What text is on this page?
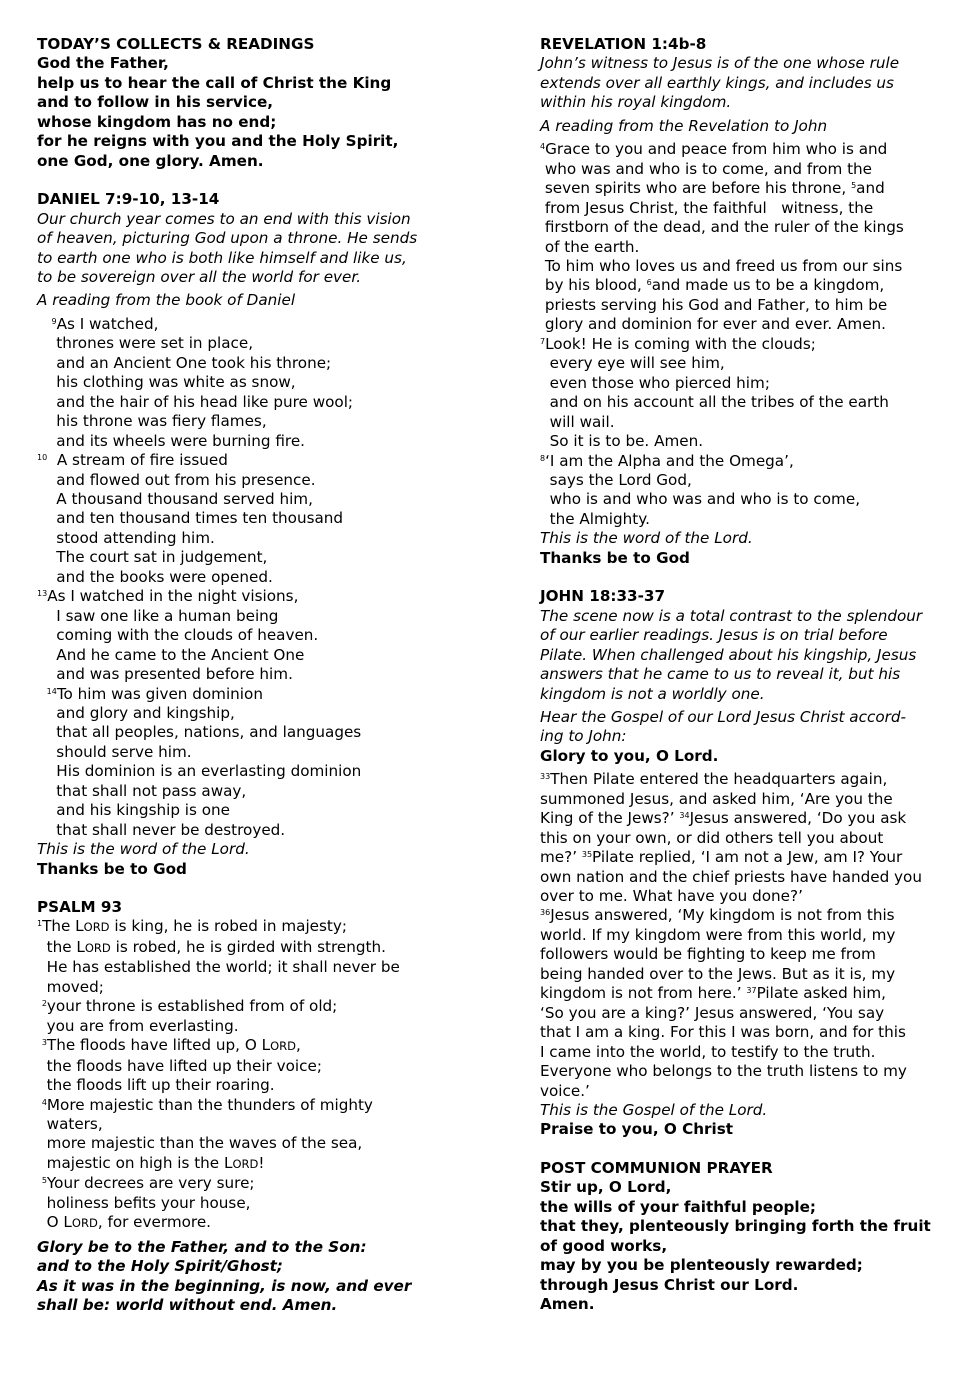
TODAY’S COLLECTS & READINGS
God the Father,
help us to hear the call of Christ the King
and to follow in his service,
whose kingdom has no end;
for he reigns with you and the Holy Spirit,
one God, one glory. Amen.
DANIEL 7:9-10, 13-14
Our church year comes to an end with this vision
of heaven, picturing God upon a throne. He sends
to earth one who is both like himself and like us,
to be sovereign over all the world for ever.
A reading from the book of Daniel
$^9$As I watched,
thrones were set in place,
and an Ancient One took his throne;
his clothing was white as snow,
and the hair of his head like pure wool;
his throne was fiery flames,
and its wheels were burning fire.
$^{10}$  A stream of fire issued
and flowed out from his presence.
A thousand thousand served him,
and ten thousand times ten thousand
stood attending him.
The court sat in judgement,
and the books were opened.
$^{13}$As I watched in the night visions,
I saw one like a human being
coming with the clouds of heaven.
And he came to the Ancient One
and was presented before him.
$^{14}$To him was given dominion
and glory and kingship,
that all peoples, nations, and languages
should serve him.
His dominion is an everlasting dominion
that shall not pass away,
and his kingship is one
that shall never be destroyed.
This is the word of the Lord.
Thanks be to God
PSALM 93
$^1$The LORD is king, he is robed in majesty;
the LORD is robed, he is girded with strength.
He has established the world; it shall never be
moved;
$^2$your throne is established from of old;
you are from everlasting.
$^3$The floods have lifted up, O LORD,
the floods have lifted up their voice;
the floods lift up their roaring.
$^4$More majestic than the thunders of mighty
waters,
more majestic than the waves of the sea,
majestic on high is the LORD!
$^5$Your decrees are very sure;
holiness befits your house,
O LORD, for evermore.
Glory be to the Father, and to the Son:
and to the Holy Spirit/Ghost;
As it was in the beginning, is now, and ever
shall be: world without end. Amen.
REVELATION 1:4b-8
John’s witness to Jesus is of the one whose rule
extends over all earthly kings, and includes us
within his royal kingdom.
A reading from the Revelation to John
$^4$Grace to you and peace from him who is and
who was and who is to come, and from the
seven spirits who are before his throne, $^5$and
from Jesus Christ, the faithful   witness, the
firstborn of the dead, and the ruler of the kings
of the earth.
To him who loves us and freed us from our sins
by his blood, $^6$and made us to be a kingdom,
priests serving his God and Father, to him be
glory and dominion for ever and ever. Amen.
$^7$Look! He is coming with the clouds;
every eye will see him,
even those who pierced him;
and on his account all the tribes of the earth
will wail.
So it is to be. Amen.
$^8$‘I am the Alpha and the Omega’,
says the Lord God,
who is and who was and who is to come,
the Almighty.
This is the word of the Lord.
Thanks be to God
JOHN 18:33-37
The scene now is a total contrast to the splendour
of our earlier readings. Jesus is on trial before
Pilate. When challenged about his kingship, Jesus
answers that he came to us to reveal it, but his
kingdom is not a worldly one.
Hear the Gospel of our Lord Jesus Christ accord-
ing to John:
Glory to you, O Lord.
$^{33}$Then Pilate entered the headquarters again,
summoned Jesus, and asked him, ‘Are you the
King of the Jews?’ $^{34}$Jesus answered, ‘Do you ask
this on your own, or did others tell you about
me?’ $^{35}$Pilate replied, ‘I am not a Jew, am I? Your
own nation and the chief priests have handed you
over to me. What have you done?’
$^{36}$Jesus answered, ‘My kingdom is not from this
world. If my kingdom were from this world, my
followers would be fighting to keep me from
being handed over to the Jews. But as it is, my
kingdom is not from here.’ $^{37}$Pilate asked him,
‘So you are a king?’ Jesus answered, ‘You say
that I am a king. For this I was born, and for this
I came into the world, to testify to the truth.
Everyone who belongs to the truth listens to my
voice.’
This is the Gospel of the Lord.
Praise to you, O Christ
POST COMMUNION PRAYER
Stir up, O Lord,
the wills of your faithful people;
that they, plenteously bringing forth the fruit
of good works,
may by you be plenteously rewarded;
through Jesus Christ our Lord.
Amen.
